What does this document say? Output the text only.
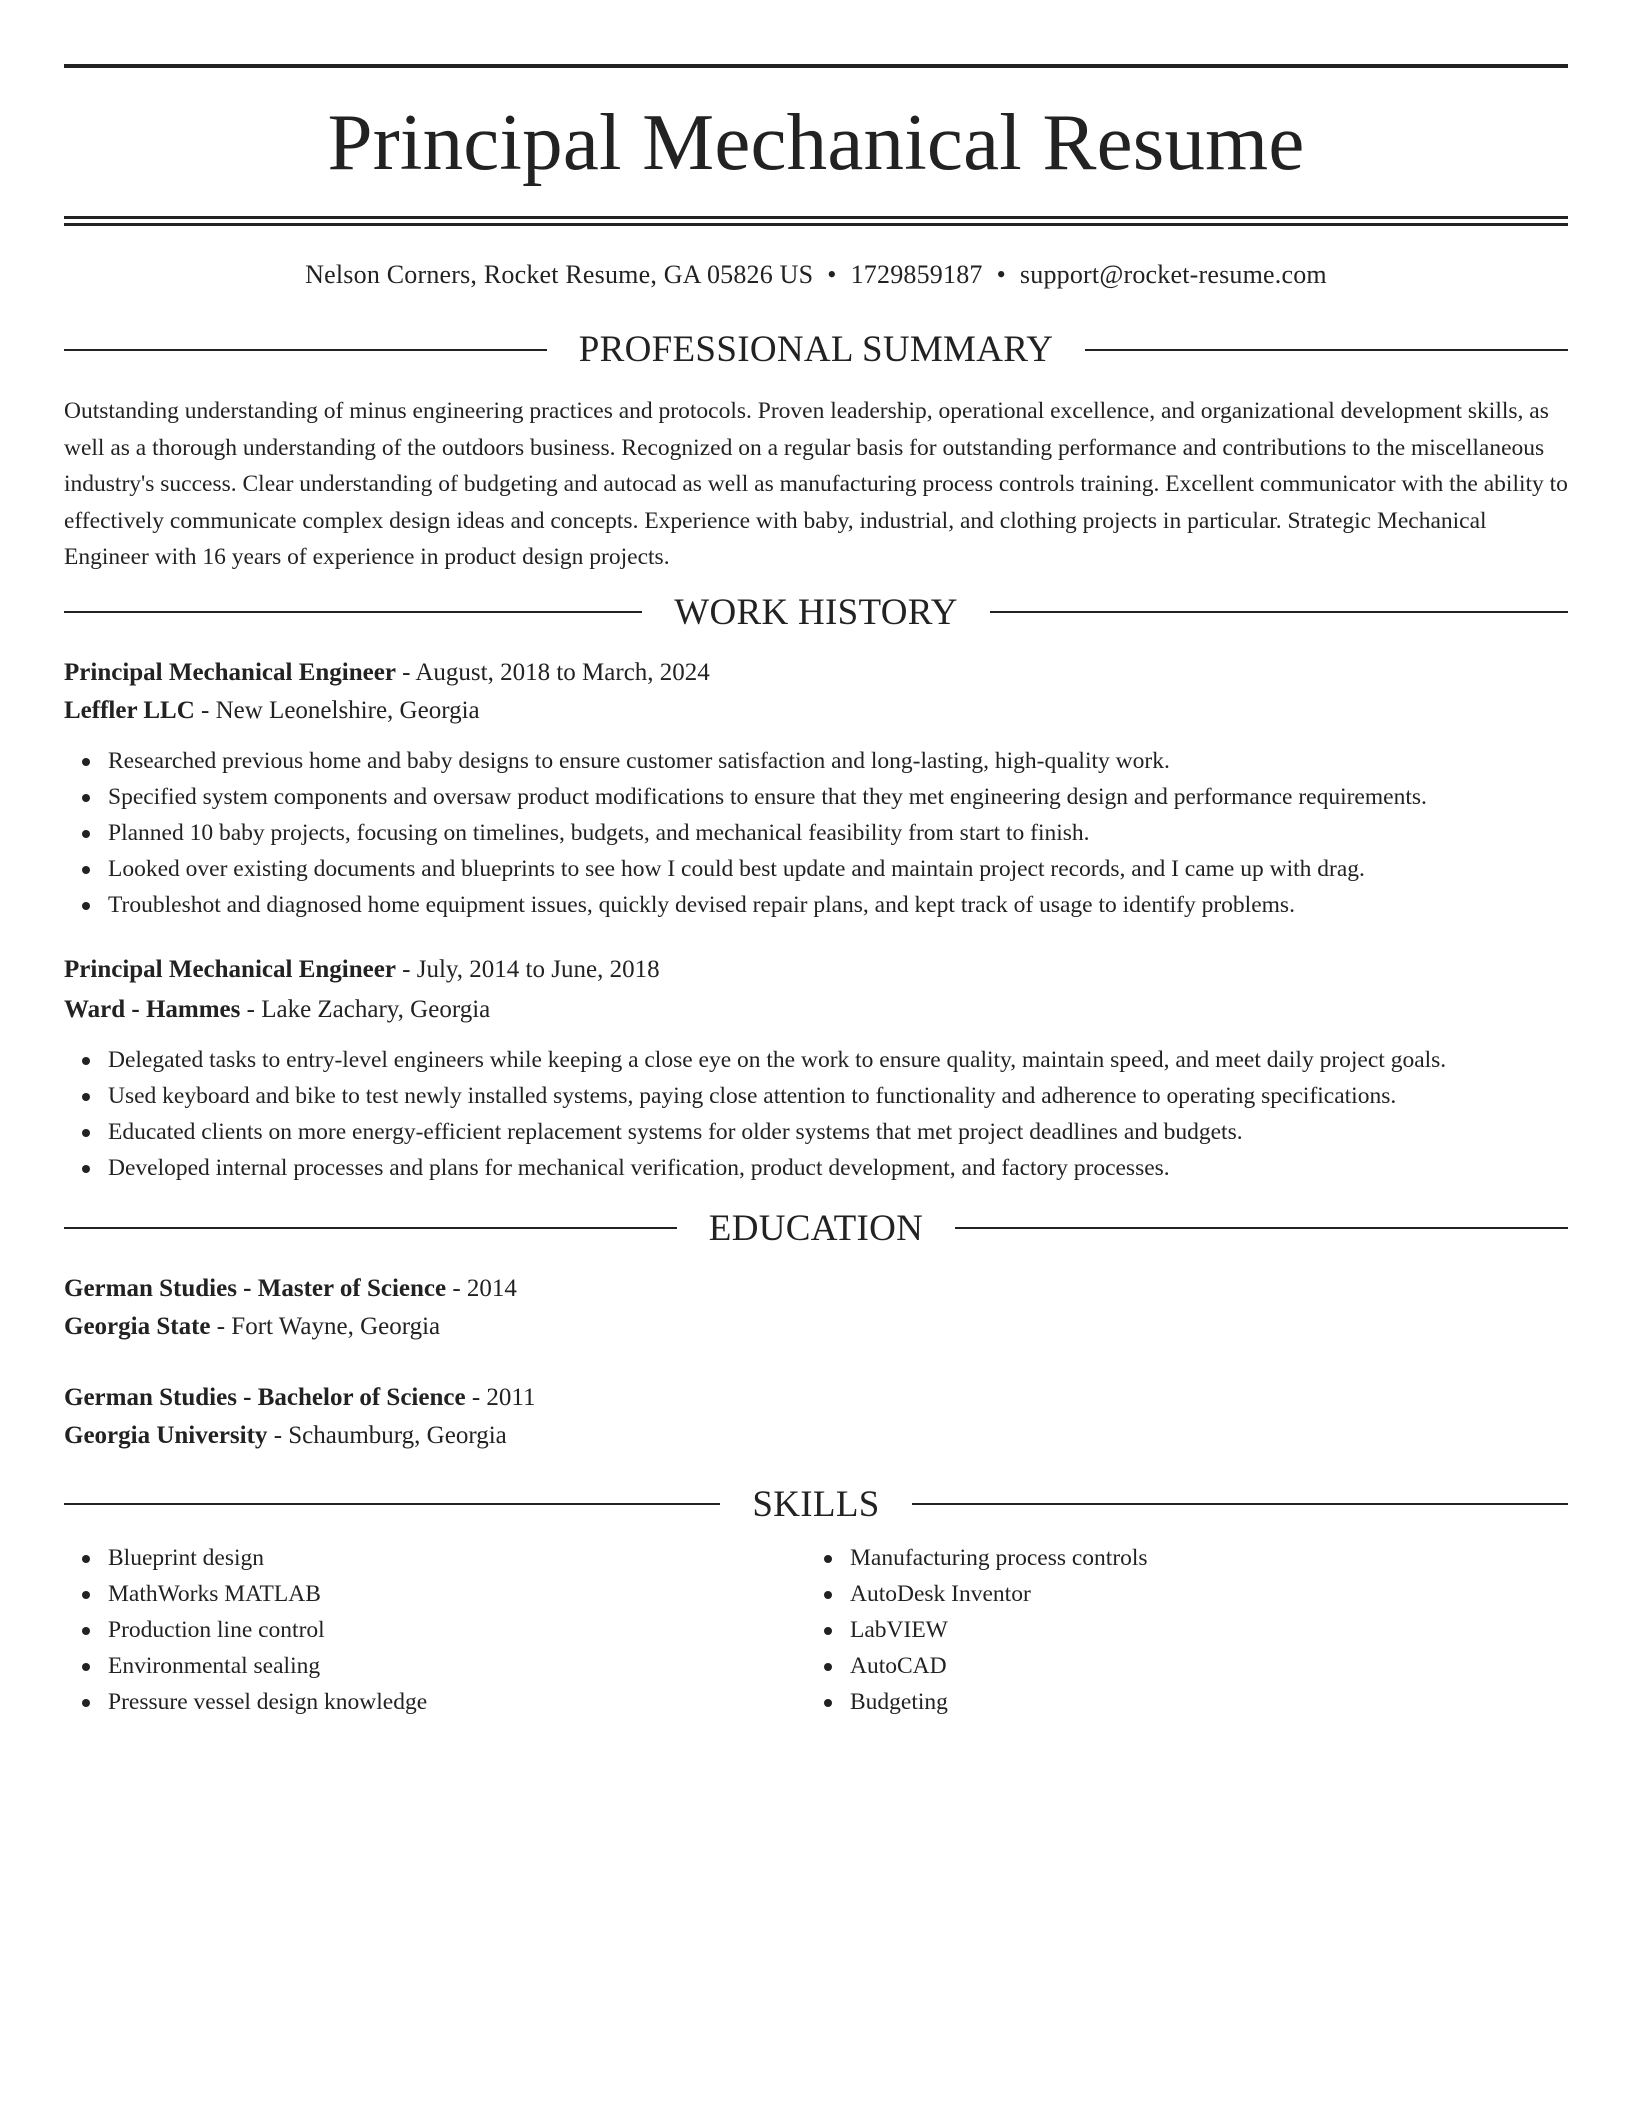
Principal Mechanical Resume
Nelson Corners, Rocket Resume, GA 05826 US • 1729859187 • support@rocket-resume.com
PROFESSIONAL SUMMARY

Outstanding understanding of minus engineering practices and protocols. Proven leadership, operational excellence, and organizational development skills, as well as a thorough understanding of the outdoors business. Recognized on a regular basis for outstanding performance and contributions to the miscellaneous industry's success. Clear understanding of budgeting and autocad as well as manufacturing process controls training. Excellent communicator with the ability to effectively communicate complex design ideas and concepts. Experience with baby, industrial, and clothing projects in particular. Strategic Mechanical Engineer with 16 years of experience in product design projects.

WORK HISTORY
Principal Mechanical Engineer - August, 2018 to March, 2024
Leffler LLC - New Leonelshire, Georgia
Researched previous home and baby designs to ensure customer satisfaction and long-lasting, high-quality work.
Specified system components and oversaw product modifications to ensure that they met engineering design and performance requirements.
Planned 10 baby projects, focusing on timelines, budgets, and mechanical feasibility from start to finish.
Looked over existing documents and blueprints to see how I could best update and maintain project records, and I came up with drag.
Troubleshot and diagnosed home equipment issues, quickly devised repair plans, and kept track of usage to identify problems.
Principal Mechanical Engineer - July, 2014 to June, 2018
Ward - Hammes - Lake Zachary, Georgia
Delegated tasks to entry-level engineers while keeping a close eye on the work to ensure quality, maintain speed, and meet daily project goals.
Used keyboard and bike to test newly installed systems, paying close attention to functionality and adherence to operating specifications.
Educated clients on more energy-efficient replacement systems for older systems that met project deadlines and budgets.
Developed internal processes and plans for mechanical verification, product development, and factory processes.
EDUCATION
German Studies - Master of Science - 2014
Georgia State - Fort Wayne, Georgia
German Studies - Bachelor of Science - 2011
Georgia University - Schaumburg, Georgia
SKILLS
Blueprint design
MathWorks MATLAB
Production line control
Environmental sealing
Pressure vessel design knowledge
Manufacturing process controls
AutoDesk Inventor
LabVIEW
AutoCAD
Budgeting
